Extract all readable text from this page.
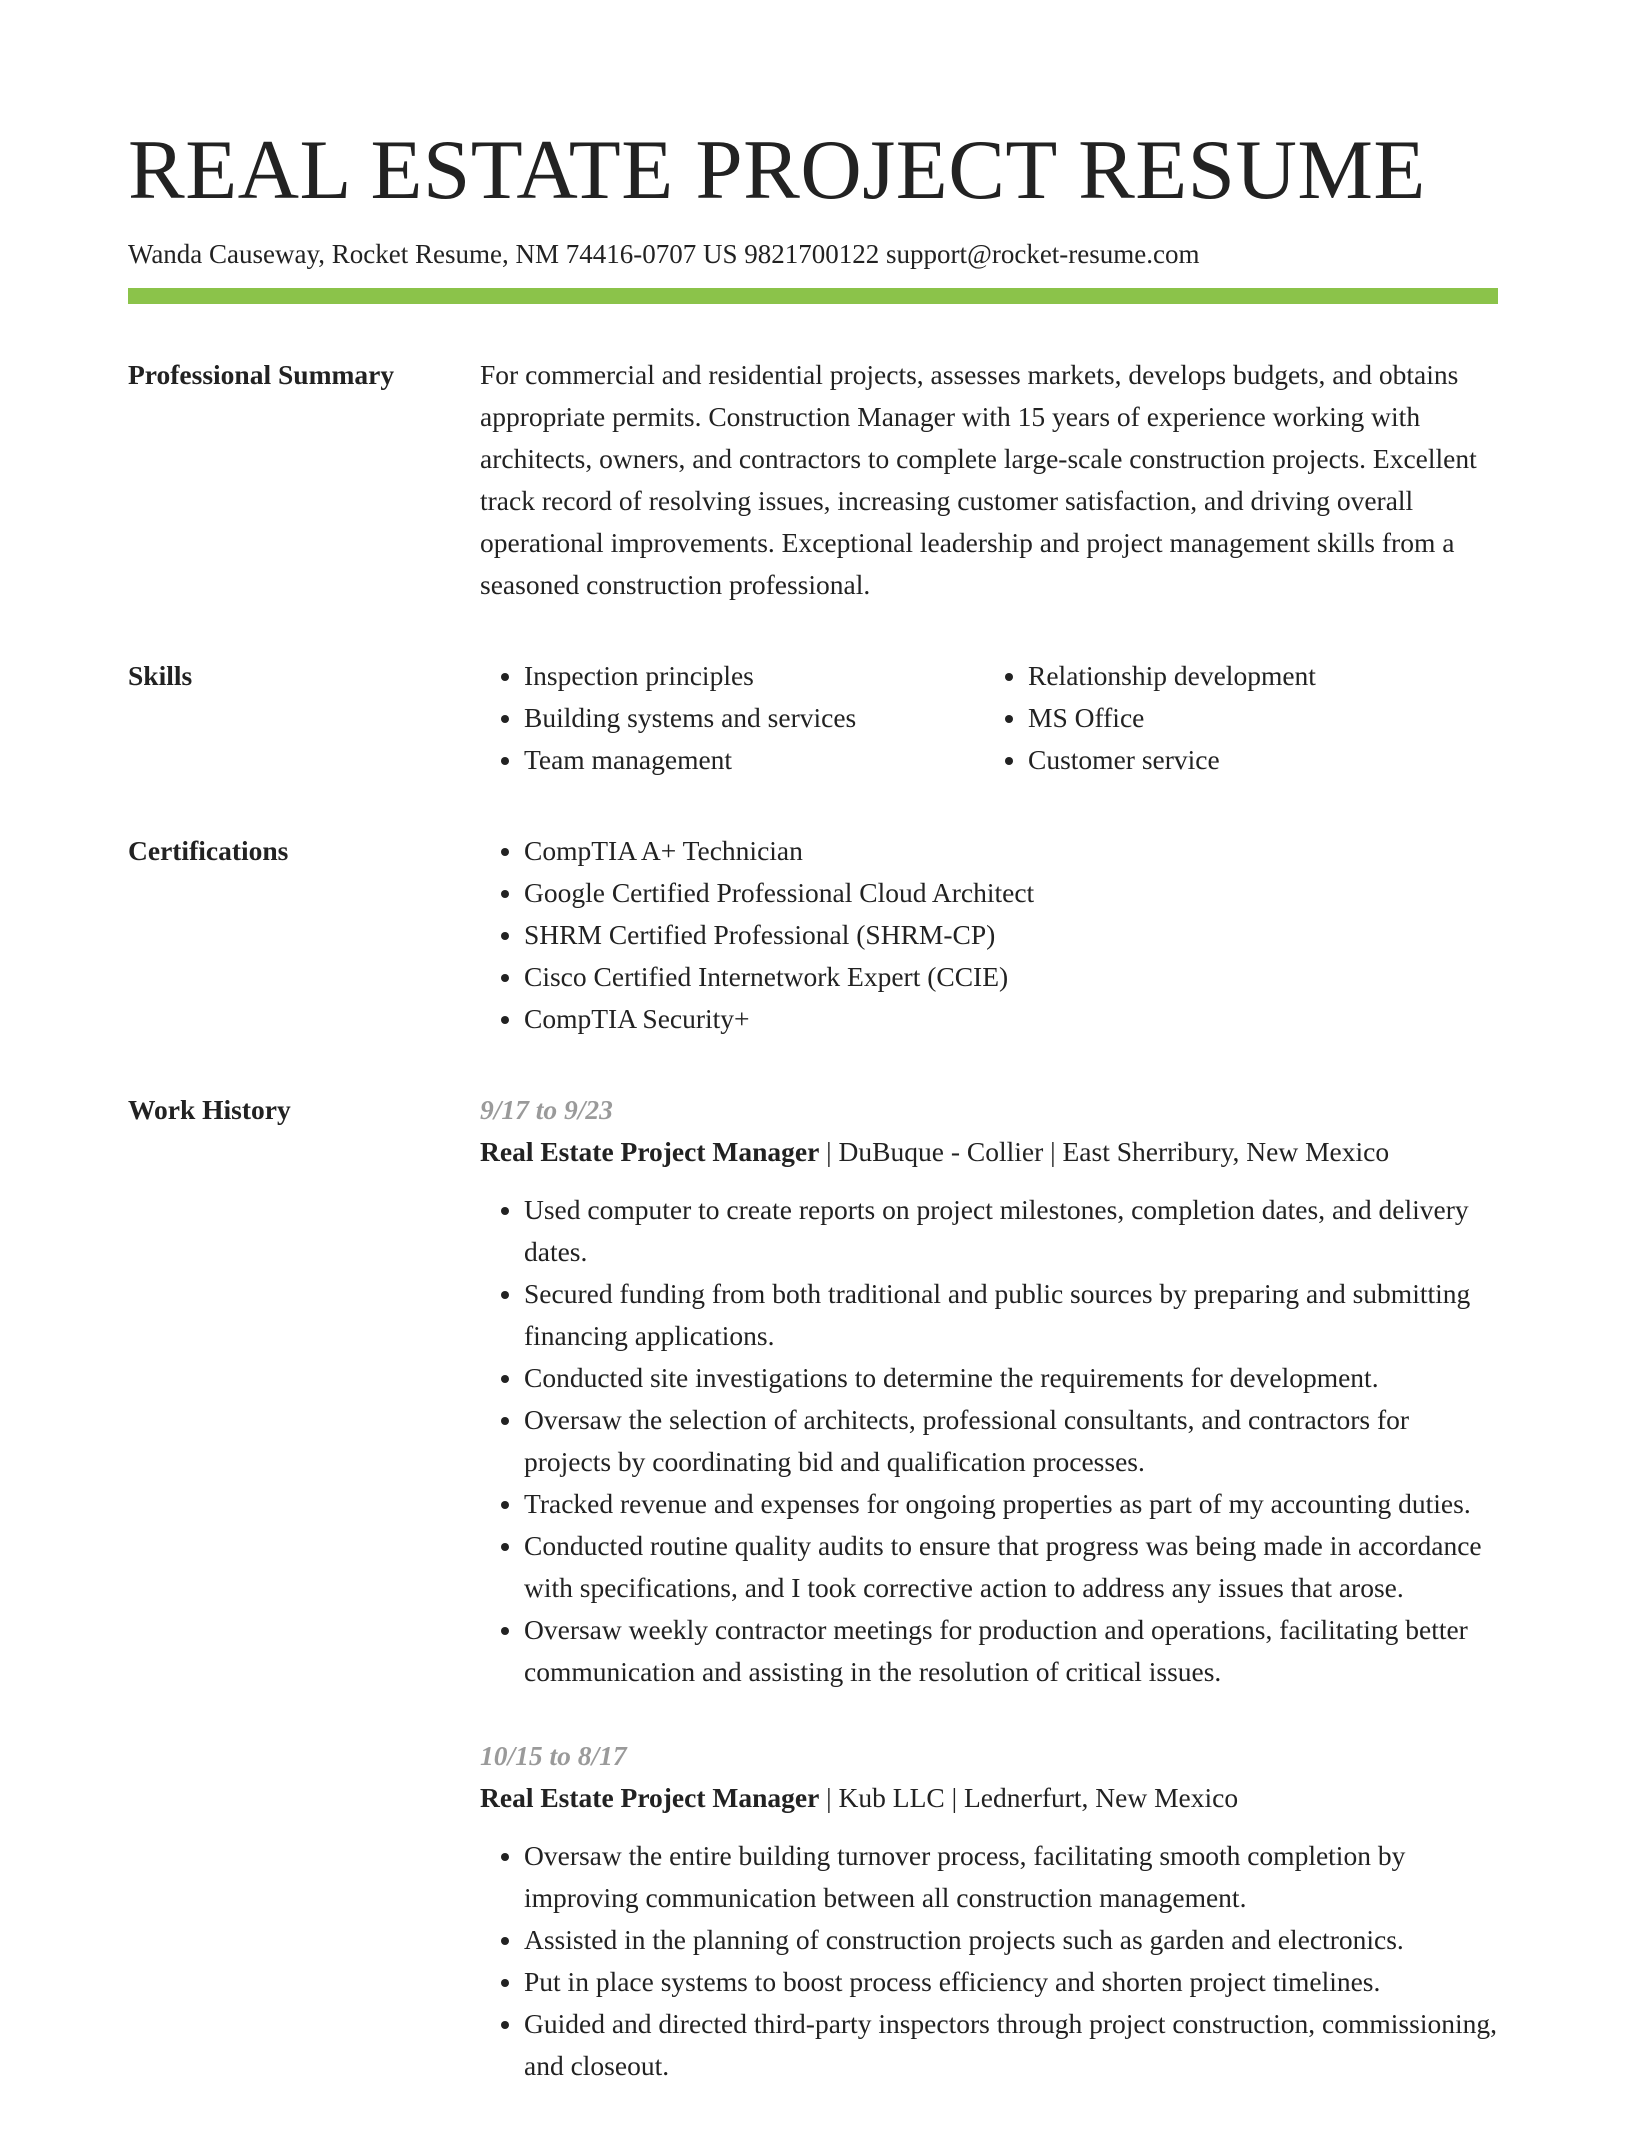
REAL ESTATE PROJECT RESUME
Wanda Causeway, Rocket Resume, NM 74416-0707 US 9821700122 support@rocket-resume.com
Professional Summary	For commercial and residential projects, assesses markets, develops budgets, and obtains appropriate permits. Construction Manager with 15 years of experience working with architects, owners, and contractors to complete large-scale construction projects. Excellent track record of resolving issues, increasing customer satisfaction, and driving overall operational improvements. Exceptional leadership and project management skills from a seasoned construction professional.

Skills	• Inspection principles
• Building systems and services
• Team management
• Relationship development
• MS Office
• Customer service
Certifications	• CompTIA A+ Technician
• Google Certified Professional Cloud Architect
• SHRM Certified Professional (SHRM-CP)
• Cisco Certified Internetwork Expert (CCIE)
• CompTIA Security+
Work History	9/17 to 9/23
Real Estate Project Manager | DuBuque - Collier | East Sherribury, New Mexico
• Used computer to create reports on project milestones, completion dates, and delivery dates.
• Secured funding from both traditional and public sources by preparing and submitting financing applications.
• Conducted site investigations to determine the requirements for development.
• Oversaw the selection of architects, professional consultants, and contractors for projects by coordinating bid and qualification processes.
• Tracked revenue and expenses for ongoing properties as part of my accounting duties.
• Conducted routine quality audits to ensure that progress was being made in accordance with specifications, and I took corrective action to address any issues that arose.
• Oversaw weekly contractor meetings for production and operations, facilitating better communication and assisting in the resolution of critical issues.
10/15 to 8/17
Real Estate Project Manager | Kub LLC | Lednerfurt, New Mexico
• Oversaw the entire building turnover process, facilitating smooth completion by improving communication between all construction management.
• Assisted in the planning of construction projects such as garden and electronics.
• Put in place systems to boost process efficiency and shorten project timelines.
• Guided and directed third-party inspectors through project construction, commissioning, and closeout.
